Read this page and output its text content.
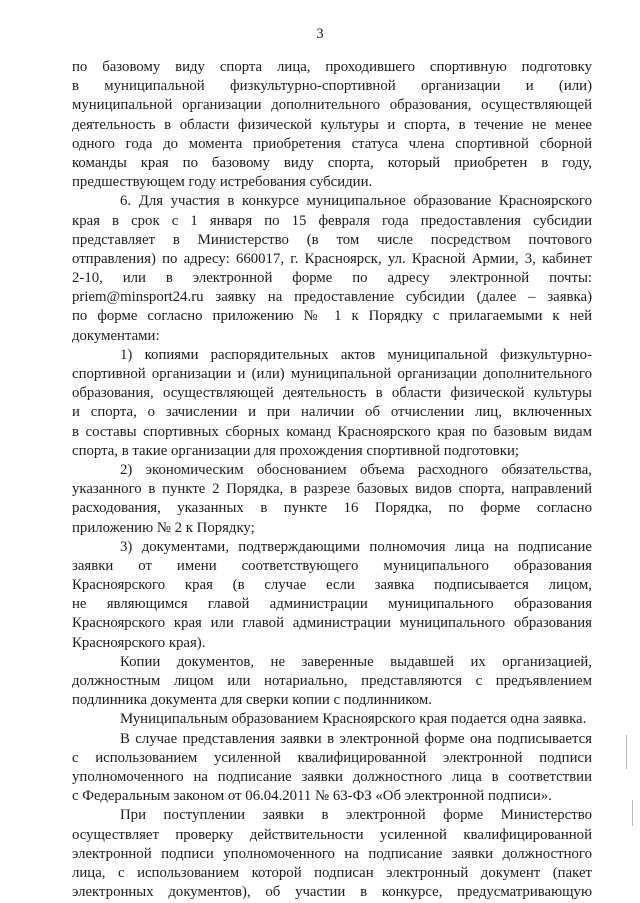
3
по базовому виду спорта лица, проходившего спортивную подготовку
в муниципальной физкультурно-спортивной организации и (или)
муниципальной организации дополнительного образования, осуществляющей
деятельность в области физической культуры и спорта, в течение не менее
одного года до момента приобретения статуса члена спортивной сборной
команды края по базовому виду спорта, который приобретен в году,
предшествующем году истребования субсидии.
6. Для участия в конкурсе муниципальное образование Красноярского
края в срок с 1 января по 15 февраля года предоставления субсидии
представляет в Министерство (в том числе посредством почтового
отправления) по адресу: 660017, г. Красноярск, ул. Красной Армии, 3, кабинет
2-10, или в электронной форме по адресу электронной почты:
priem@minsport24.ru заявку на предоставление субсидии (далее – заявка)
по форме согласно приложению № 1 к Порядку с прилагаемыми к ней
документами:
1) копиями распорядительных актов муниципальной физкультурно-
спортивной организации и (или) муниципальной организации дополнительного
образования, осуществляющей деятельность в области физической культуры
и спорта, о зачислении и при наличии об отчислении лиц, включенных
в составы спортивных сборных команд Красноярского края по базовым видам
спорта, в такие организации для прохождения спортивной подготовки;
2) экономическим обоснованием объема расходного обязательства,
указанного в пункте 2 Порядка, в разрезе базовых видов спорта, направлений
расходования, указанных в пункте 16 Порядка, по форме согласно
приложению № 2 к Порядку;
3) документами, подтверждающими полномочия лица на подписание
заявки от имени соответствующего муниципального образования
Красноярского края (в случае если заявка подписывается лицом,
не являющимся главой администрации муниципального образования
Красноярского края или главой администрации муниципального образования
Красноярского края).
Копии документов, не заверенные выдавшей их организацией,
должностным лицом или нотариально, представляются с предъявлением
подлинника документа для сверки копии с подлинником.
Муниципальным образованием Красноярского края подается одна заявка.
В случае представления заявки в электронной форме она подписывается
с использованием усиленной квалифицированной электронной подписи
уполномоченного на подписание заявки должностного лица в соответствии
с Федеральным законом от 06.04.2011 № 63-ФЗ «Об электронной подписи».
При поступлении заявки в электронной форме Министерство
осуществляет проверку действительности усиленной квалифицированной
электронной подписи уполномоченного на подписание заявки должностного
лица, с использованием которой подписан электронный документ (пакет
электронных документов), об участии в конкурсе, предусматривающую
